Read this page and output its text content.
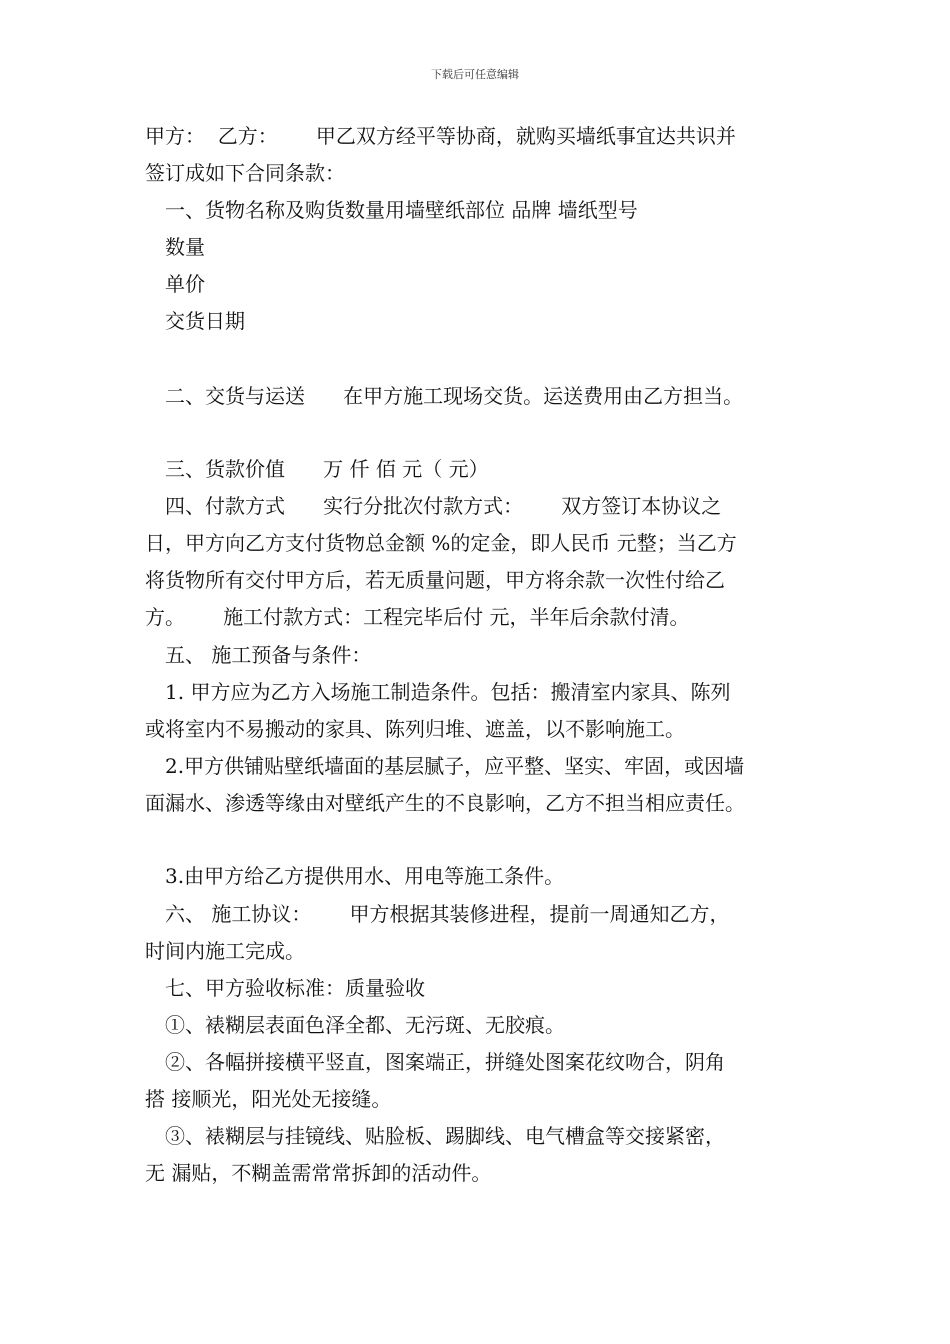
下载后可任意编辑
甲方：  乙方：      甲乙双方经平等协商，就购买墙纸事宜达共识并
签订成如下合同条款：
一、货物名称及购货数量用墙壁纸部位 品牌 墙纸型号
数量
单价
交货日期
二、交货与运送      在甲方施工现场交货。运送费用由乙方担当。
三、货款价值      万 仟 佰 元（ 元）
四、付款方式      实行分批次付款方式：      双方签订本协议之
日，甲方向乙方支付货物总金额 %的定金，即人民币 元整；当乙方
将货物所有交付甲方后，若无质量问题，甲方将余款一次性付给乙
方。      施工付款方式：工程完毕后付 元，半年后余款付清。
五、 施工预备与条件：
1. 甲方应为乙方入场施工制造条件。包括：搬清室内家具、陈列
或将室内不易搬动的家具、陈列归堆、遮盖，以不影响施工。
2.甲方供铺贴壁纸墙面的基层腻子，应平整、坚实、牢固，或因墙
面漏水、渗透等缘由对壁纸产生的不良影响，乙方不担当相应责任。
3.由甲方给乙方提供用水、用电等施工条件。
六、 施工协议：      甲方根据其装修进程，提前一周通知乙方，
时间内施工完成。
七、甲方验收标准：质量验收
①、裱糊层表面色泽全都、无污斑、无胶痕。
②、各幅拼接横平竖直，图案端正，拼缝处图案花纹吻合，阴角
搭 接顺光，阳光处无接缝。
③、裱糊层与挂镜线、贴脸板、踢脚线、电气槽盒等交接紧密，
无 漏贴，不糊盖需常常拆卸的活动件。
